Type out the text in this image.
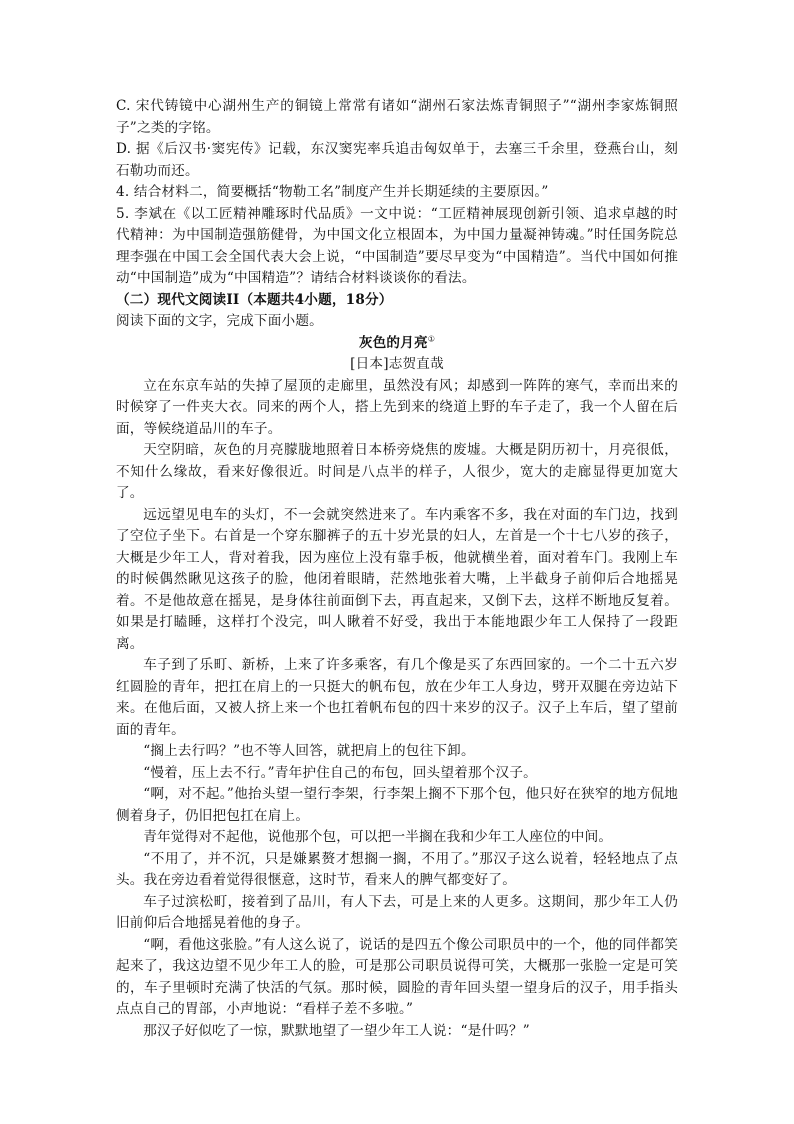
C. 宋代铸镜中心湖州生产的铜镜上常常有诸如“湖州石家法炼青铜照子”“湖州李家炼铜照子”之类的字铭。

D. 据《后汉书·窦宪传》记载，东汉窦宪率兵追击匈奴单于，去塞三千余里，登燕台山，刻石勒功而还。

4. 结合材料二，简要概括“物勒工名”制度产生并长期延续的主要原因。”

5. 李斌在《以工匠精神雕琢时代品质》一文中说：“工匠精神展现创新引领、追求卓越的时代精神：为中国制造强筋健骨，为中国文化立根固本，为中国力量凝神铸魂。”时任国务院总理李强在中国工会全国代表大会上说，“中国制造”要尽早变为“中国精造”。当代中国如何推动“中国制造”成为“中国精造”？请结合材料谈谈你的看法。

（二）现代文阅读II（本题共4小题，18分）

阅读下面的文字，完成下面小题。

灰色的月亮①

[日本]志贺直哉

立在东京车站的失掉了屋顶的走廊里，虽然没有风；却感到一阵阵的寒气，幸而出来的时候穿了一件夹大衣。同来的两个人，搭上先到来的绕道上野的车子走了，我一个人留在后面，等候绕道品川的车子。

天空阴暗，灰色的月亮朦胧地照着日本桥旁烧焦的废墟。大概是阴历初十，月亮很低，不知什么缘故，看来好像很近。时间是八点半的样子，人很少，宽大的走廊显得更加宽大了。

远远望见电车的头灯，不一会就突然进来了。车内乘客不多，我在对面的车门边，找到了空位子坐下。右首是一个穿东腳裤子的五十岁光景的妇人，左首是一个十七八岁的孩子，大概是少年工人，背对着我，因为座位上没有靠手板，他就横坐着，面对着车门。我刚上车的时候偶然瞅见这孩子的脸，他闭着眼睛，茫然地张着大嘴，上半截身子前仰后合地摇晃着。不是他故意在摇晃，是身体往前面倒下去，再直起来，又倒下去，这样不断地反复着。如果是打瞌睡，这样打个没完，叫人瞅着不好受，我出于本能地跟少年工人保持了一段距离。

车子到了乐町、新桥，上来了许多乘客，有几个像是买了东西回家的。一个二十五六岁红圆脸的青年，把扛在肩上的一只挺大的帆布包，放在少年工人身边，劈开双腿在旁边站下来。在他后面，又被人挤上来一个也扛着帆布包的四十来岁的汉子。汉子上车后，望了望前面的青年。

“搁上去行吗？”也不等人回答，就把肩上的包往下卸。

“慢着，压上去不行。”青年护住自己的布包，回头望着那个汉子。

“啊，对不起。”他抬头望一望行李架，行李架上搁不下那个包，他只好在狭窄的地方侃地侧着身子，仍旧把包扛在肩上。

青年觉得对不起他，说他那个包，可以把一半搁在我和少年工人座位的中间。

“不用了，并不沉，只是嫌累赘才想搁一搁，不用了。”那汉子这么说着，轻轻地点了点头。我在旁边看着觉得很惬意，这时节，看来人的脾气都变好了。

车子过滨松町，接着到了品川，有人下去，可是上来的人更多。这期间，那少年工人仍旧前仰后合地摇晃着他的身子。

“啊，看他这张脸。”有人这么说了，说话的是四五个像公司职员中的一个，他的同伴都笑起来了，我这边望不见少年工人的脸，可是那公司职员说得可笑，大概那一张脸一定是可笑的，车子里顿时充满了快活的气氛。那时候，圆脸的青年回头望一望身后的汉子，用手指头点点自己的胃部，小声地说：“看样子差不多啦。”

那汉子好似吃了一惊，默默地望了一望少年工人说：“是什吗？”
